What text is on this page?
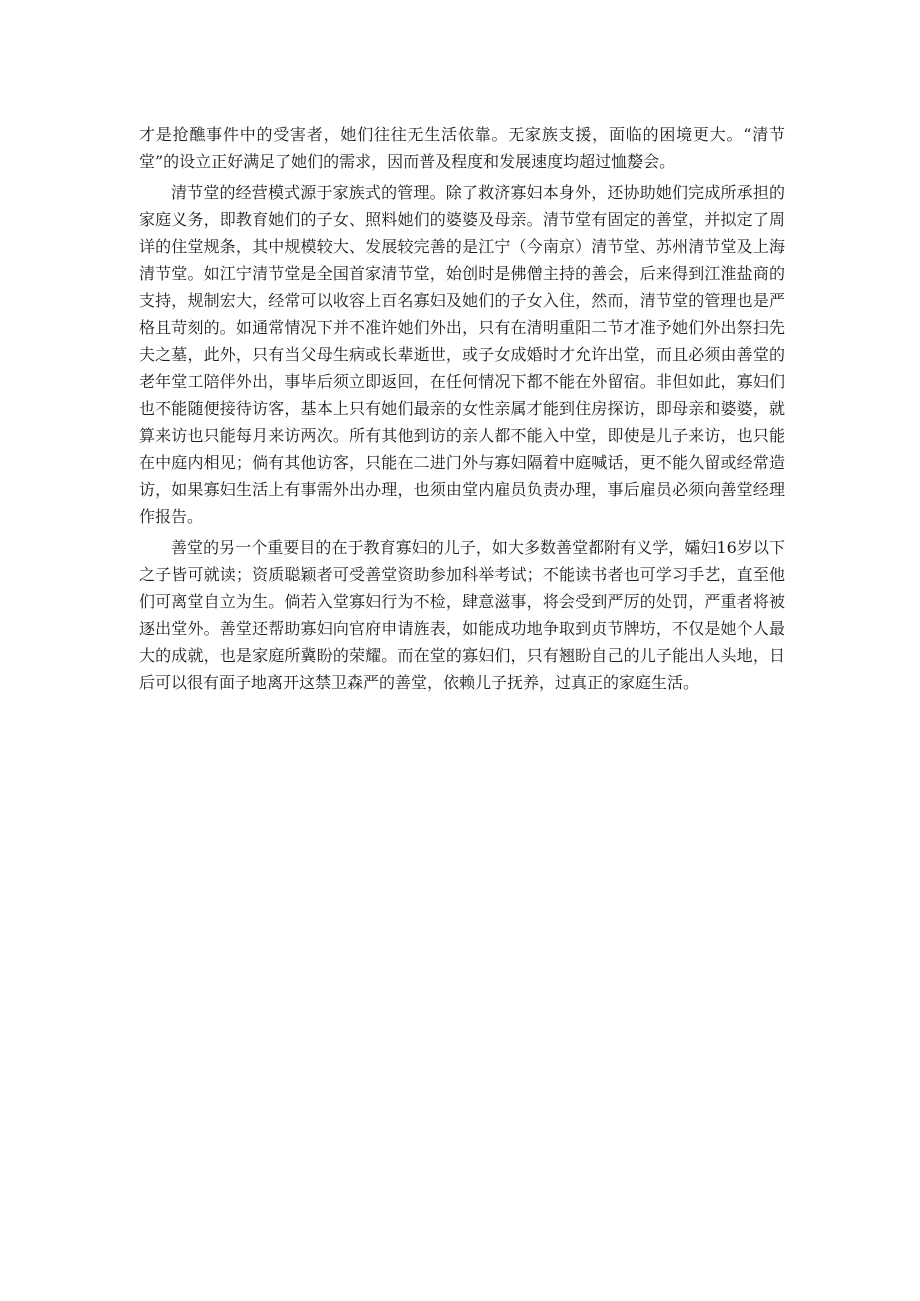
才是抢醮事件中的受害者，她们往往无生活依靠。无家族支援，面临的困境更大。“清节堂”的设立正好满足了她们的需求，因而普及程度和发展速度均超过恤嫠会。

清节堂的经营模式源于家族式的管理。除了救济寡妇本身外，还协助她们完成所承担的家庭义务，即教育她们的子女、照料她们的婆婆及母亲。清节堂有固定的善堂，并拟定了周详的住堂规条，其中规模较大、发展较完善的是江宁（今南京）清节堂、苏州清节堂及上海清节堂。如江宁清节堂是全国首家清节堂，始创时是佛僧主持的善会，后来得到江淮盐商的支持，规制宏大，经常可以收容上百名寡妇及她们的子女入住，然而，清节堂的管理也是严格且苛刻的。如通常情况下并不准许她们外出，只有在清明重阳二节才准予她们外出祭扫先夫之墓，此外，只有当父母生病或长辈逝世，或子女成婚时才允许出堂，而且必须由善堂的老年堂工陪伴外出，事毕后须立即返回，在任何情况下都不能在外留宿。非但如此，寡妇们也不能随便接待访客，基本上只有她们最亲的女性亲属才能到住房探访，即母亲和婆婆，就算来访也只能每月来访两次。所有其他到访的亲人都不能入中堂，即使是儿子来访，也只能在中庭内相见；倘有其他访客，只能在二进门外与寡妇隔着中庭喊话，更不能久留或经常造访，如果寡妇生活上有事需外出办理，也须由堂内雇员负责办理，事后雇员必须向善堂经理作报告。

善堂的另一个重要目的在于教育寡妇的儿子，如大多数善堂都附有义学，孀妇16岁以下之子皆可就读；资质聪颖者可受善堂资助参加科举考试；不能读书者也可学习手艺，直至他们可离堂自立为生。倘若入堂寡妇行为不检，肆意滋事，将会受到严厉的处罚，严重者将被逐出堂外。善堂还帮助寡妇向官府申请旌表，如能成功地争取到贞节牌坊，不仅是她个人最大的成就，也是家庭所冀盼的荣耀。而在堂的寡妇们，只有翘盼自己的儿子能出人头地，日后可以很有面子地离开这禁卫森严的善堂，依赖儿子抚养，过真正的家庭生活。
